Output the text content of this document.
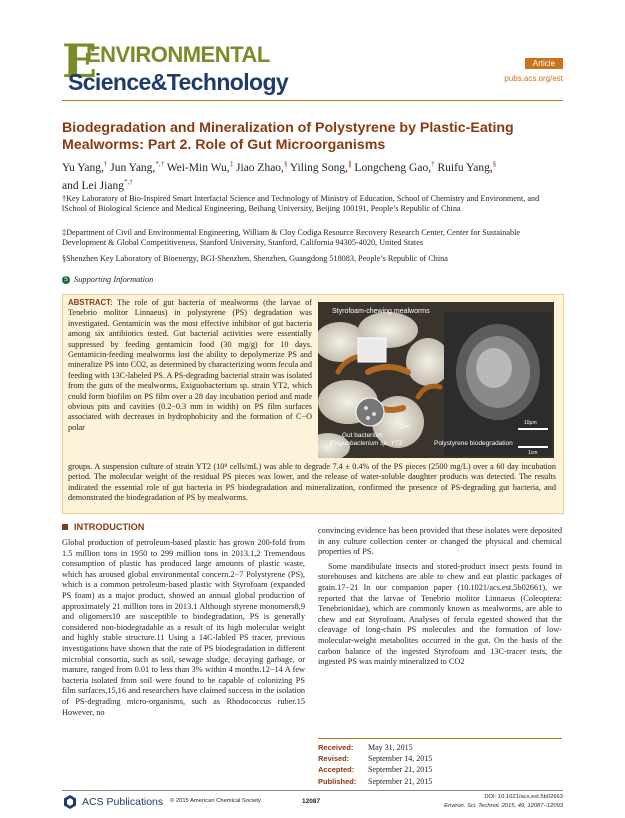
E
ENVIRONMENTAL
Science&Technology
Article
pubs.acs.org/est
Biodegradation and Mineralization of Polystyrene by Plastic-Eating Mealworms: Part 2. Role of Gut Microorganisms
Yu Yang,† Jun Yang,*,† Wei-Min Wu,‡ Jiao Zhao,§ Yiling Song,∥ Longcheng Gao,† Ruifu Yang,§
and Lei Jiang*,†
†Key Laboratory of Bio-Inspired Smart Interfacial Science and Technology of Ministry of Education, School of Chemistry and Environment, and ‖School of Biological Science and Medical Engineering, Beihang University, Beijing 100191, People’s Republic of China
‡Department of Civil and Environmental Engineering, William & Cloy Codiga Resource Recovery Research Center, Center for Sustainable Development & Global Competitiveness, Stanford University, Stanford, California 94305-4020, United States
§Shenzhen Key Laboratory of Bioenergy, BGI-Shenzhen, Shenzhen, Guangdong 518083, People’s Republic of China
S Supporting Information
ABSTRACT: The role of gut bacteria of mealworms (the larvae of Tenebrio molitor Linnaeus) in polystyrene (PS) degradation was investigated. Gentamicin was the most effective inhibitor of gut bacteria among six antibiotics tested. Gut bacterial activities were essentially suppressed by feeding gentamicin food (30 mg/g) for 10 days. Gentamicin-feeding mealworms lost the ability to depolymerize PS and mineralize PS into CO2, as determined by characterizing worm fecula and feeding with 13C-labeled PS. A PS-degrading bacterial strain was isolated from the guts of the mealworms, Exiguobacterium sp. strain YT2, which could form biofilm on PS film over a 28 day incubation period and made obvious pits and cavities (0.2−0.3 mm in width) on PS film surfaces associated with decreases in hydrophobicity and the formation of C−O polar
groups. A suspension culture of strain YT2 (10⁸ cells/mL) was able to degrade 7.4 ± 0.4% of the PS pieces (2500 mg/L) over a 60 day incubation period. The molecular weight of the residual PS pieces was lower, and the release of water-soluble daughter products was detected. The results indicated the essential role of gut bacteria in PS biodegradation and mineralization, confirmed the presence of PS-degrading gut bacteria, and demonstrated the biodegradation of PS by mealworms.
Styrofoam-chewing mealworms
Gut bacterium
Exiguobacterium sp. YT2	Polystyrene biodegradation
2μm
10μm
1cm
INTRODUCTION

Global production of petroleum-based plastic has grown 200-fold from 1.5 million tons in 1950 to 299 million tons in 2013.1,2 Tremendous consumption of plastic has produced large amounts of plastic waste, which has aroused global environmental concern.2−7 Polystyrene (PS), which is a common petroleum-based plastic with Styrofoam (expanded PS foam) as a major product, showed an annual global production of approximately 21 million tons in 2013.1 Although styrene monomers8,9 and oligomers10 are susceptible to biodegradation, PS is generally considered non-biodegradable as a result of its high molecular weight and highly stable structure.11 Using a 14C-labled PS tracer, previous investigations have shown that the rate of PS biodegradation in different microbial consortia, such as soil, sewage sludge, decaying garbage, or manure, ranged from 0.01 to less than 3% within 4 months.12−14 A few bacteria isolated from soil were found to be capable of colonizing PS film surfaces,15,16 and researchers have claimed success in the isolation of PS-degrading micro-organisms, such as Rhodococcus ruber.15 However, no

convincing evidence has been provided that these isolates were deposited in any culture collection center or changed the physical and chemical properties of PS.

Some mandibulate insects and stored-product insect pests found in storehouses and kitchens are able to chew and eat plastic packages of grain.17−21 In our companion paper (10.1021/acs.est.5b02661), we reported that the larvae of Tenebrio molitor Linnaeus (Coleoptera: Tenebrionidae), which are commonly known as mealworms, are able to chew and eat Styrofoam. Analyses of fecula egested showed that the cleavage of long-chain PS molecules and the formation of low-molecular-weight metabolites occurred in the gut. On the basis of the carbon balance of the ingested Styrofoam and 13C-tracer tests, the ingested PS was mainly mineralized to CO2

Received: May 31, 2015
Revised: September 14, 2015
Accepted: September 21, 2015
Published: September 21, 2015
ACS Publications © 2015 American Chemical Society	12087
DOI: 10.1021/acs.est.5b02663
Environ. Sci. Technol. 2015, 49, 12087−12093
